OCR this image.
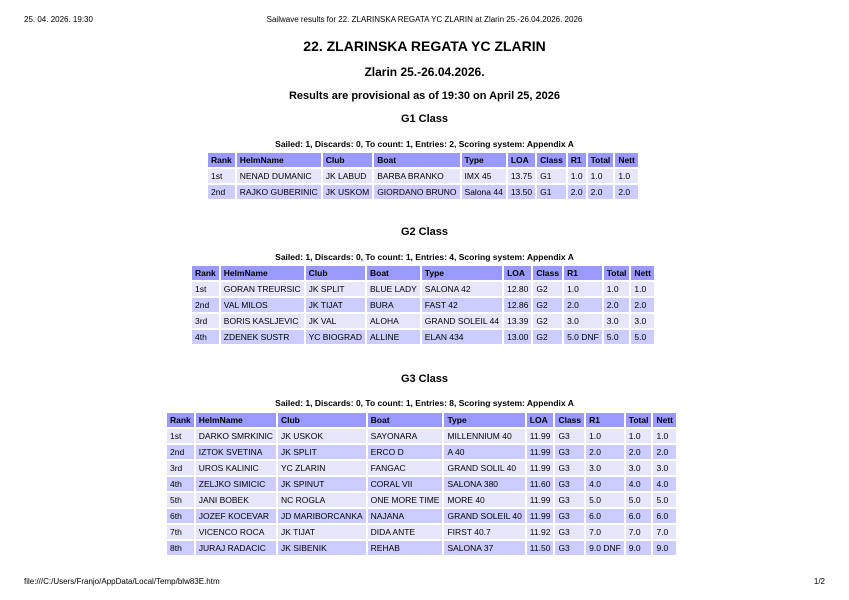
25. 04. 2026. 19:30	Sailwave results for 22. ZLARINSKA REGATA YC ZLARIN at Zlarin 25.-26.04.2026. 2026
22. ZLARINSKA REGATA YC ZLARIN
Zlarin 25.-26.04.2026.
Results are provisional as of 19:30 on April 25, 2026
G1 Class
Sailed: 1, Discards: 0, To count: 1, Entries: 2, Scoring system: Appendix A
Rank	HelmName	Club	Boat	Type	LOA	Class	R1	Total	Nett
1st	NENAD DUMANIC	JK LABUD	BARBA BRANKO	IMX 45	13.75	G1	1.0	1.0	1.0
2nd	RAJKO GUBERINIC	JK USKOM	GIORDANO BRUNO	Salona 44	13.50	G1	2.0	2.0	2.0
G2 Class
Sailed: 1, Discards: 0, To count: 1, Entries: 4, Scoring system: Appendix A
Rank	HelmName	Club	Boat	Type	LOA	Class	R1	Total	Nett
1st	GORAN TREURSIC	JK SPLIT	BLUE LADY	SALONA 42	12.80	G2	1.0	1.0	1.0
2nd	VAL MILOS	JK TIJAT	BURA	FAST 42	12.86	G2	2.0	2.0	2.0
3rd	BORIS KASLJEVIC	JK VAL	ALOHA	GRAND SOLEIL 44	13.39	G2	3.0	3.0	3.0
4th	ZDENEK SUSTR	YC BIOGRAD	ALLINE	ELAN 434	13.00	G2	5.0 DNF	5.0	5.0
G3 Class
Sailed: 1, Discards: 0, To count: 1, Entries: 8, Scoring system: Appendix A
Rank	HelmName	Club	Boat	Type	LOA	Class	R1	Total	Nett
1st	DARKO SMRKINIC	JK USKOK	SAYONARA	MILLENNIUM 40	11.99	G3	1.0	1.0	1.0
2nd	IZTOK SVETINA	JK SPLIT	ERCO D	A 40	11.99	G3	2.0	2.0	2.0
3rd	UROS KALINIC	YC ZLARIN	FANGAC	GRAND SOLIL 40	11.99	G3	3.0	3.0	3.0
4th	ZELJKO SIMICIC	JK SPINUT	CORAL VII	SALONA 380	11.60	G3	4.0	4.0	4.0
5th	JANI BOBEK	NC ROGLA	ONE MORE TIME	MORE 40	11.99	G3	5.0	5.0	5.0
6th	JOZEF KOCEVAR	JD MARIBORCANKA	NAJANA	GRAND SOLEIL 40	11.99	G3	6.0	6.0	6.0
7th	VICENCO ROCA	JK TIJAT	DIDA ANTE	FIRST 40.7	11.92	G3	7.0	7.0	7.0
8th	JURAJ RADACIC	JK SIBENIK	REHAB	SALONA 37	11.50	G3	9.0 DNF	9.0	9.0
file:///C:/Users/Franjo/AppData/Local/Temp/blw83E.htm	1/2
